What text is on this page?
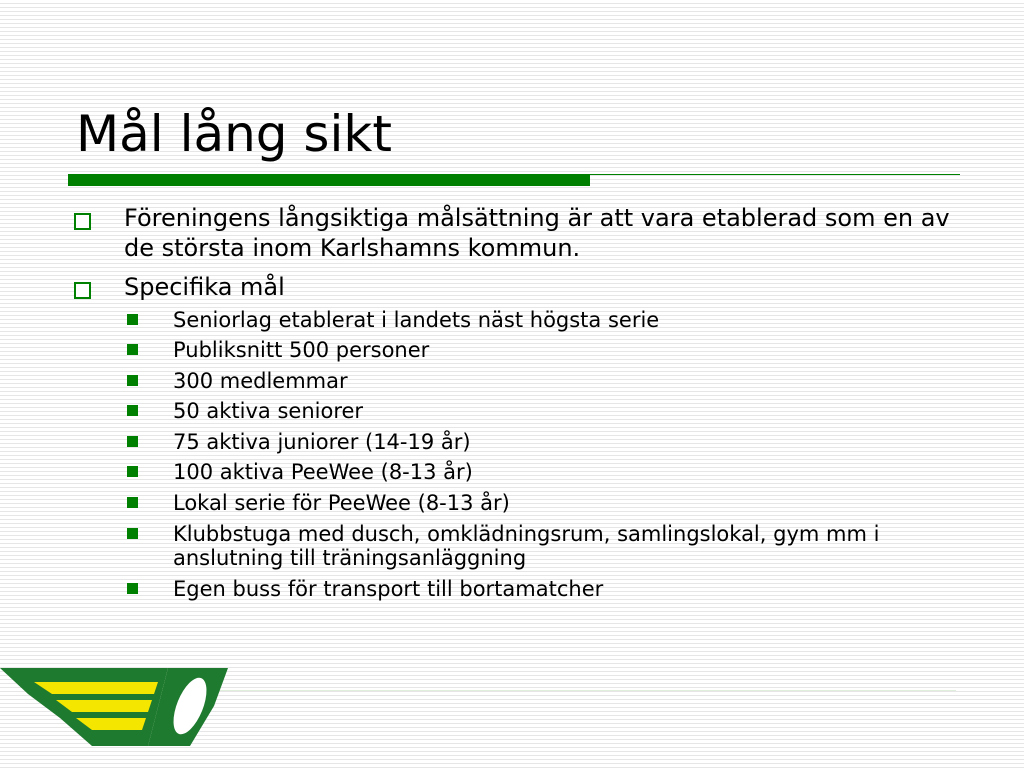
Mål lång sikt
Föreningens långsiktiga målsättning är att vara etablerad som en av de största inom Karlshamns kommun.
Specifika mål
Seniorlag etablerat i landets näst högsta serie
Publiksnitt 500 personer
300 medlemmar
50 aktiva seniorer
75 aktiva juniorer (14-19 år)
100 aktiva PeeWee (8-13 år)
Lokal serie för PeeWee (8-13 år)
Klubbstuga med dusch, omklädningsrum, samlingslokal, gym mm i anslutning till träningsanläggning
Egen buss för transport till bortamatcher
